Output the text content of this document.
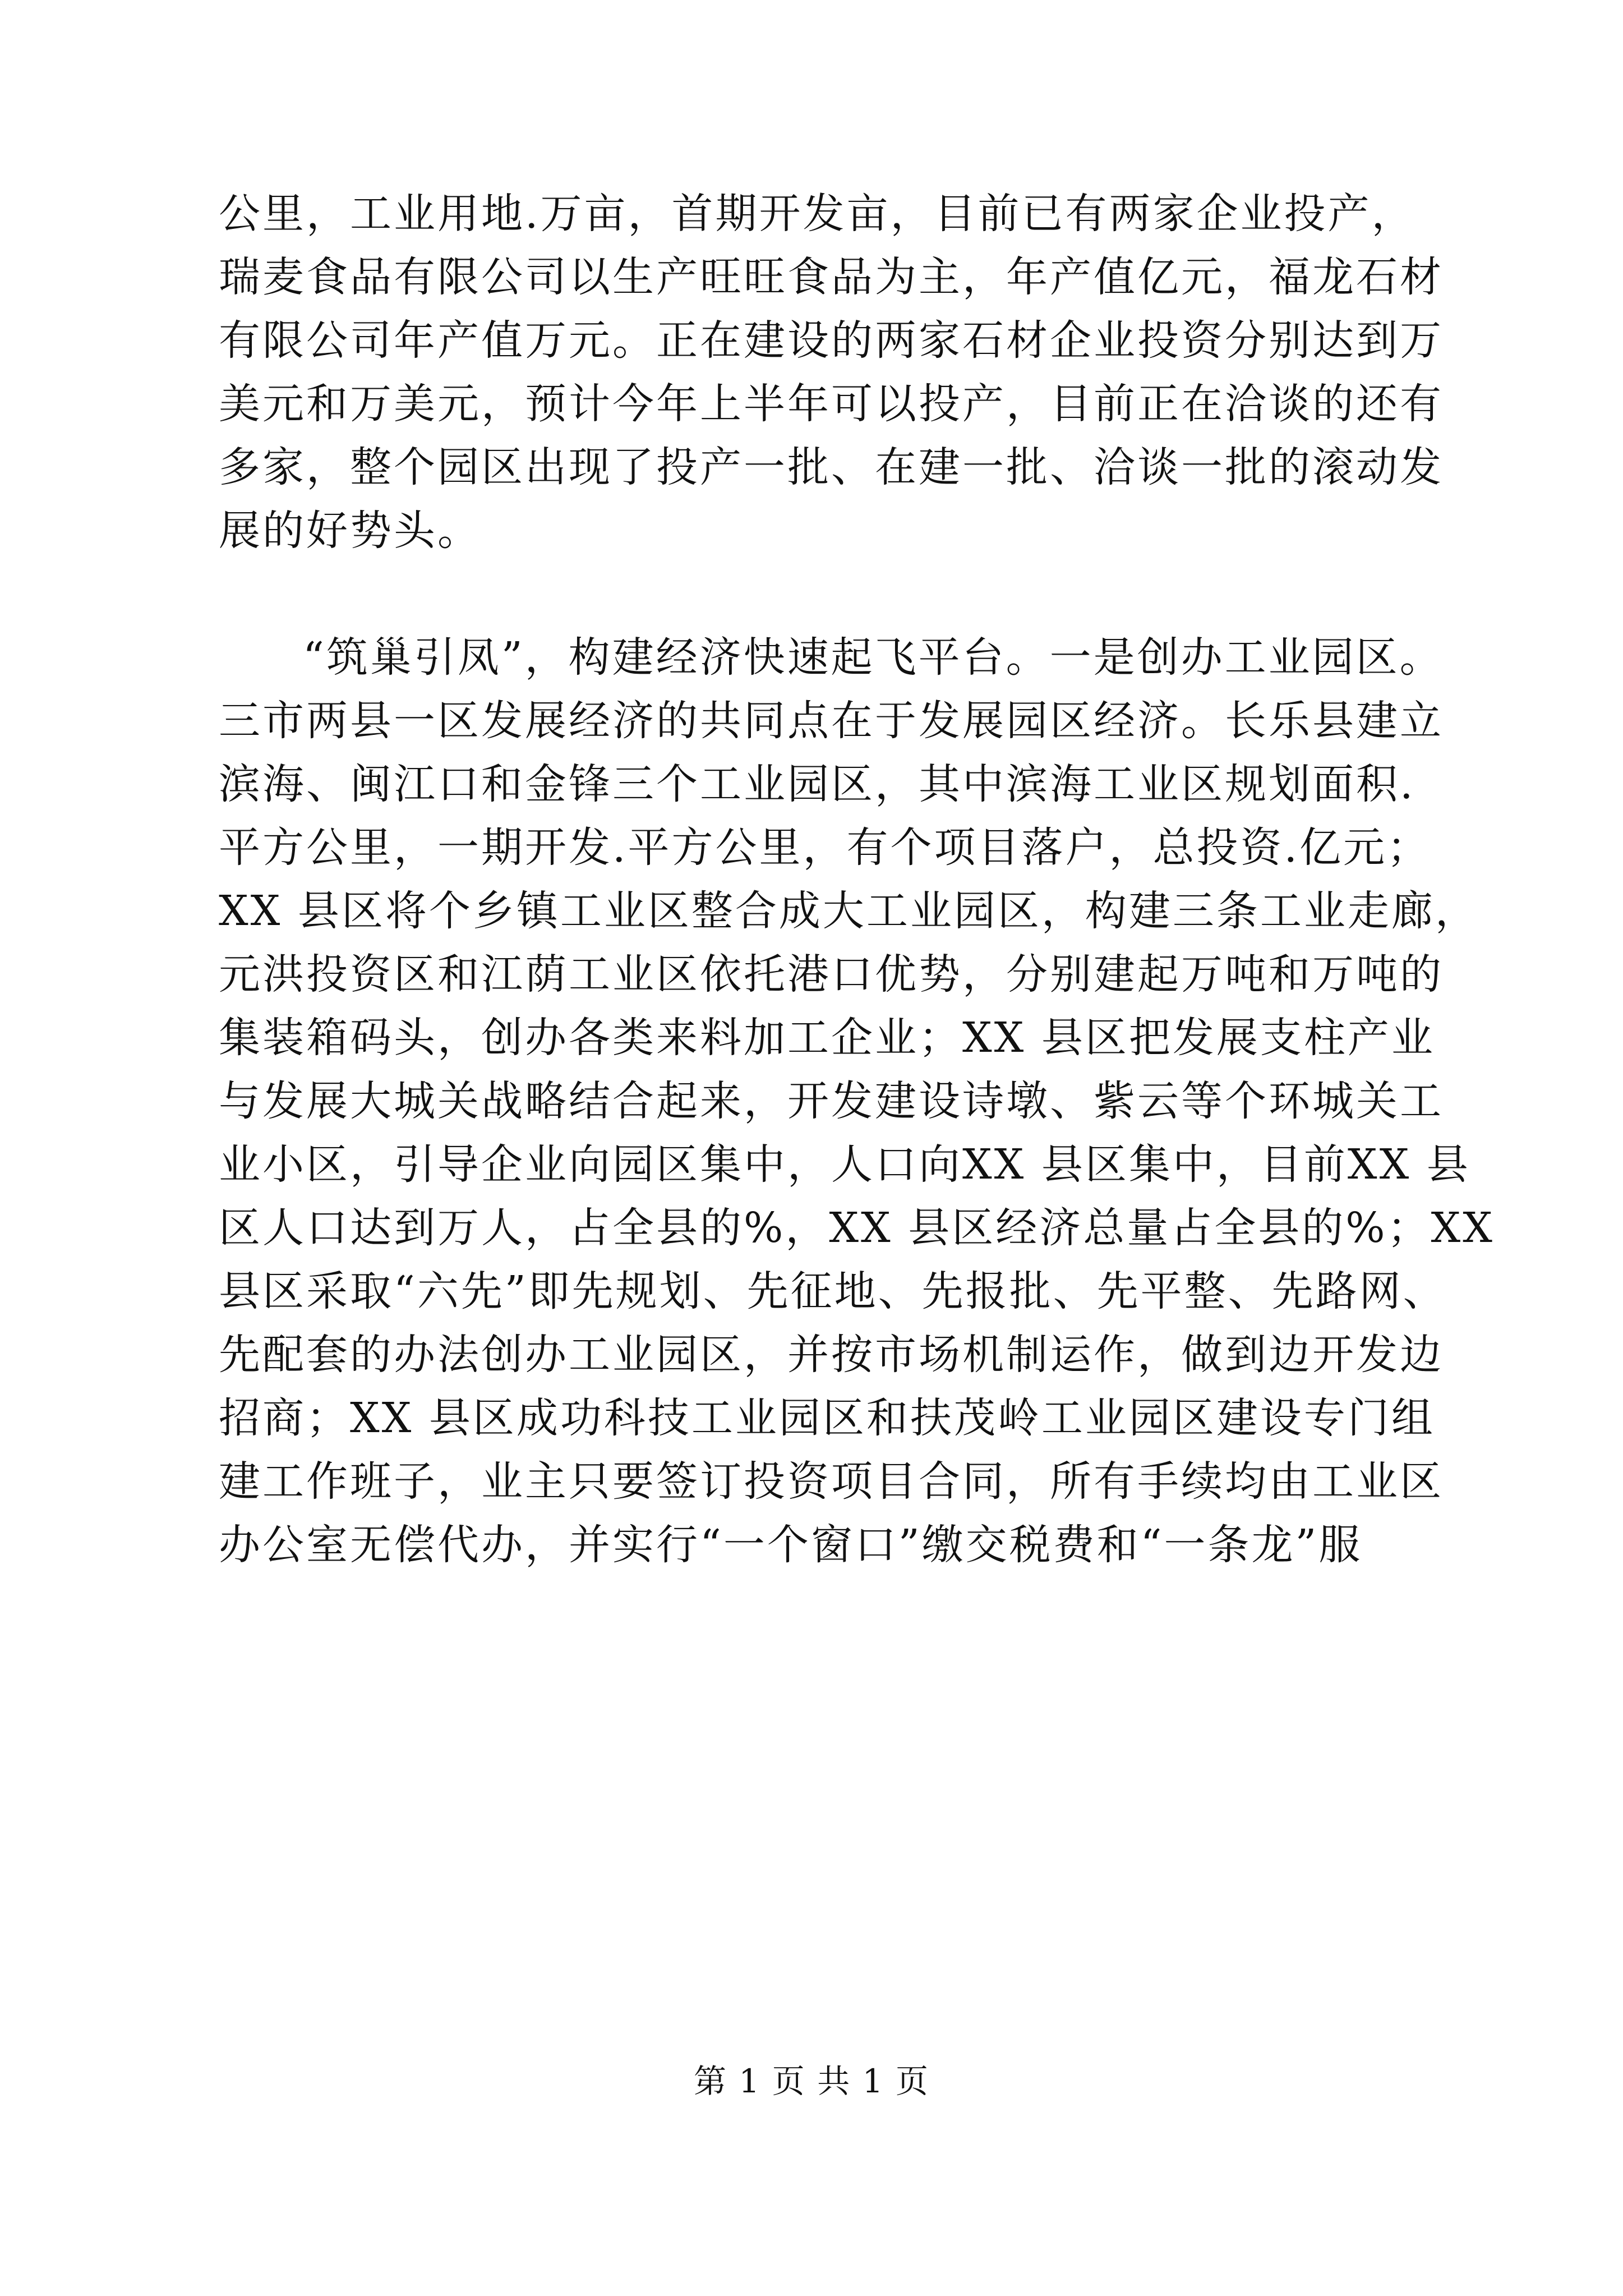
公里，工业用地.万亩，首期开发亩，目前已有两家企业投产，
瑞麦食品有限公司以生产旺旺食品为主，年产值亿元，福龙石材
有限公司年产值万元。正在建设的两家石材企业投资分别达到万
美元和万美元，预计今年上半年可以投产，目前正在洽谈的还有
多家，整个园区出现了投产一批、在建一批、洽谈一批的滚动发
展的好势头。
“筑巢引凤”，构建经济快速起飞平台。一是创办工业园区。
三市两县一区发展经济的共同点在于发展园区经济。长乐县建立
滨海、闽江口和金锋三个工业园区，其中滨海工业区规划面积.
平方公里，一期开发.平方公里，有个项目落户，总投资.亿元；
XX 县区将个乡镇工业区整合成大工业园区，构建三条工业走廊，
元洪投资区和江荫工业区依托港口优势，分别建起万吨和万吨的
集装箱码头，创办各类来料加工企业；XX 县区把发展支柱产业
与发展大城关战略结合起来，开发建设诗墩、紫云等个环城关工
业小区，引导企业向园区集中，人口向XX 县区集中，目前XX 县
区人口达到万人，占全县的%，XX 县区经济总量占全县的%；XX
县区采取“六先”即先规划、先征地、先报批、先平整、先路网、
先配套的办法创办工业园区，并按市场机制运作，做到边开发边
招商；XX 县区成功科技工业园区和扶茂岭工业园区建设专门组
建工作班子，业主只要签订投资项目合同，所有手续均由工业区
办公室无偿代办，并实行“一个窗口”缴交税费和“一条龙”服
第 1 页 共 1 页
